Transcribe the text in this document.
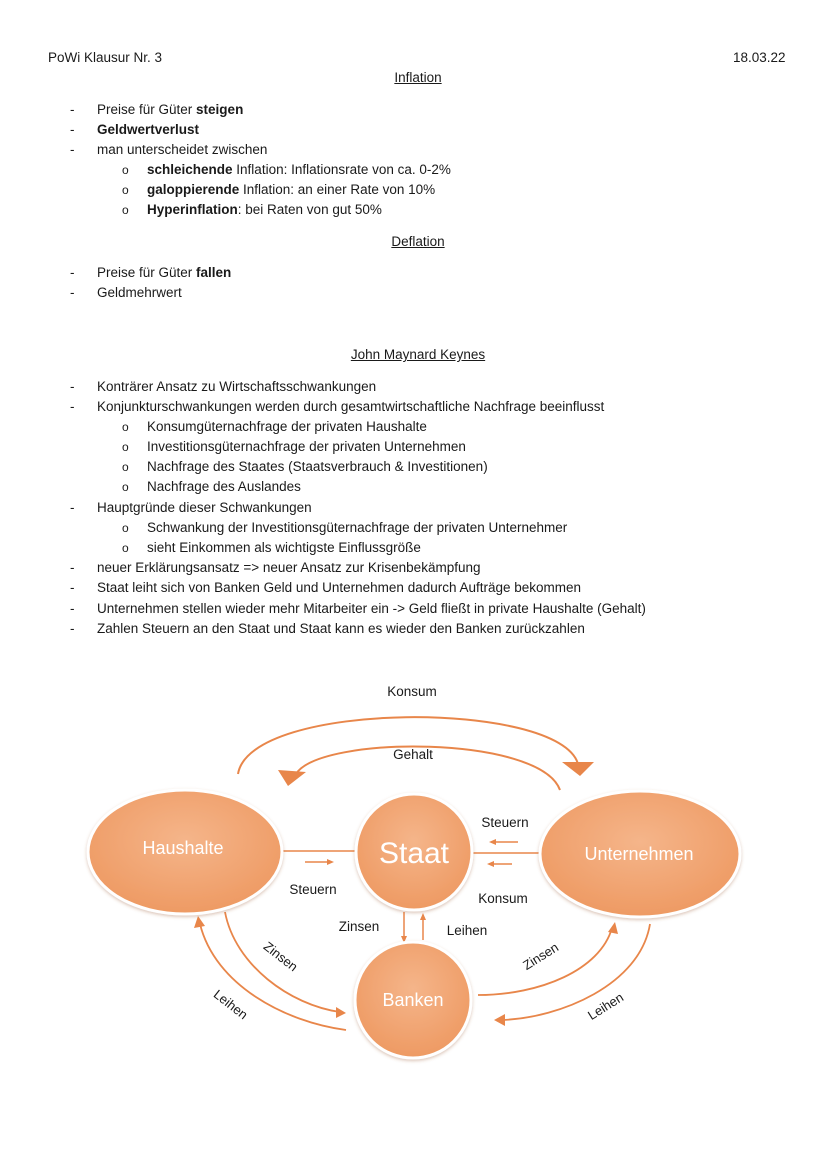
PoWi Klausur Nr. 3	18.03.22
Inflation
- Preise für Güter steigen
- Geldwertverlust
- man unterscheidet zwischen
o schleichende Inflation: Inflationsrate von ca. 0-2%
o galoppierende Inflation: an einer Rate von 10%
o Hyperinflation: bei Raten von gut 50%
Deflation
- Preise für Güter fallen
- Geldmehrwert
John Maynard Keynes
- Konträrer Ansatz zu Wirtschaftsschwankungen
- Konjunkturschwankungen werden durch gesamtwirtschaftliche Nachfrage beeinflusst
o Konsumgüternachfrage der privaten Haushalte
o Investitionsgüternachfrage der privaten Unternehmen
o Nachfrage des Staates (Staatsverbrauch & Investitionen)
o Nachfrage des Auslandes
- Hauptgründe dieser Schwankungen
o Schwankung der Investitionsgüternachfrage der privaten Unternehmer
o sieht Einkommen als wichtigste Einflussgröße
- neuer Erklärungsansatz => neuer Ansatz zur Krisenbekämpfung
- Staat leiht sich von Banken Geld und Unternehmen dadurch Aufträge bekommen
- Unternehmen stellen wieder mehr Mitarbeiter ein -> Geld fließt in private Haushalte (Gehalt)
- Zahlen Steuern an den Staat und Staat kann es wieder den Banken zurückzahlen
Haushalte	Staat	Unternehmen
Banken
Konsum
Gehalt
Steuern
Steuern
Konsum
Zinsen	Leihen
Zinsen
Leihen
Zinsen
Leihen
